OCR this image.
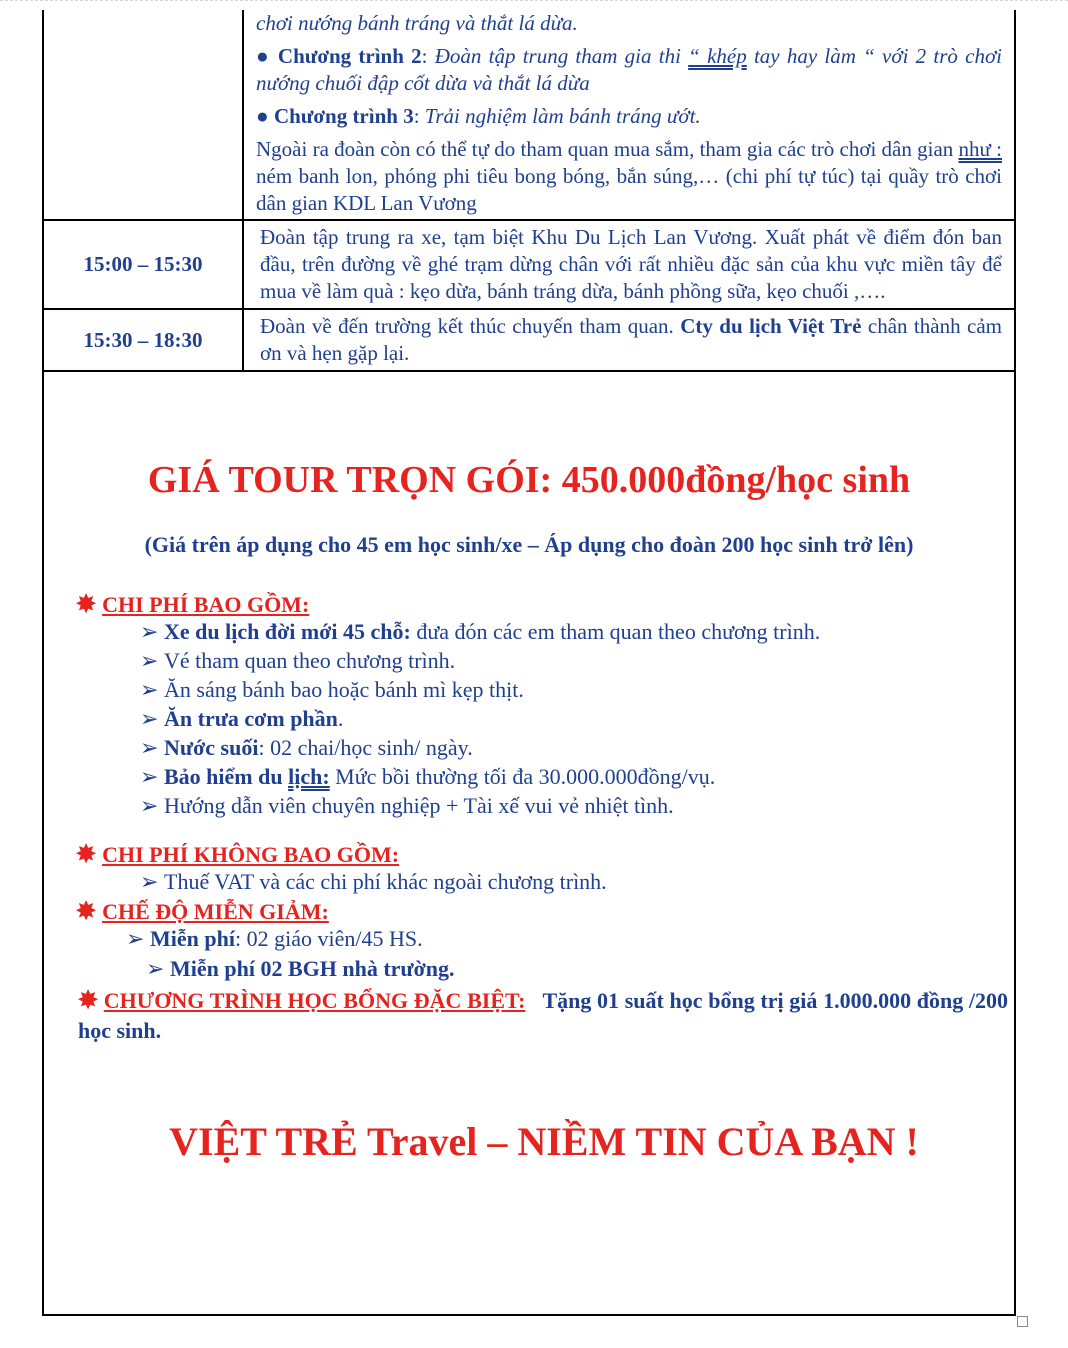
	chơi nướng bánh tráng và thắt lá dừa.

● Chương trình 2: Đoàn tập trung tham gia thi “ khép tay hay làm “ với 2 trò chơi nướng chuối đập cốt dừa và thắt lá dừa

● Chương trình 3: Trải nghiệm làm bánh tráng ướt.

Ngoài ra đoàn còn có thể tự do tham quan mua sắm, tham gia các trò chơi dân gian như : ném banh lon, phóng phi tiêu bong bóng, bắn súng,… (chi phí tự túc) tại quầy trò chơi dân gian KDL Lan Vương

15:00 – 15:30	Đoàn tập trung ra xe, tạm biệt Khu Du Lịch Lan Vương. Xuất phát về điểm đón ban đầu, trên đường về ghé trạm dừng chân với rất nhiều đặc sản của khu vực miền tây để mua về làm quà : kẹo dừa, bánh tráng dừa, bánh phồng sữa, kẹo chuối ,….

15:30 – 18:30	Đoàn về đến trường kết thúc chuyến tham quan. Cty du lịch Việt Trẻ chân thành cảm ơn và hẹn gặp lại.
GIÁ TOUR TRỌN GÓI: 450.000đồng/học sinh
(Giá trên áp dụng cho 45 em học sinh/xe – Áp dụng cho đoàn 200 học sinh trở lên)
✸ CHI PHÍ BAO GỒM:
➢ Xe du lịch đời mới 45 chỗ: đưa đón các em tham quan theo chương trình.
➢ Vé tham quan theo chương trình.
➢ Ăn sáng bánh bao hoặc bánh mì kẹp thịt.
➢ Ăn trưa cơm phần.
➢ Nước suối: 02 chai/học sinh/ ngày.
➢ Bảo hiểm du lịch: Mức bồi thường tối đa 30.000.000đồng/vụ.
➢ Hướng dẫn viên chuyên nghiệp + Tài xế vui vẻ nhiệt tình.
✸ CHI PHÍ KHÔNG BAO GỒM:
➢ Thuế VAT và các chi phí khác ngoài chương trình.
✸ CHẾ ĐỘ MIỄN GIẢM:
➢ Miễn phí: 02 giáo viên/45 HS.
➢ Miễn phí 02 BGH nhà trường.
✸ CHƯƠNG TRÌNH HỌC BỔNG ĐẶC BIỆT: Tặng 01 suất học bổng trị giá 1.000.000 đồng /200 học sinh.
VIỆT TRẺ Travel – NIỀM TIN CỦA BẠN !
